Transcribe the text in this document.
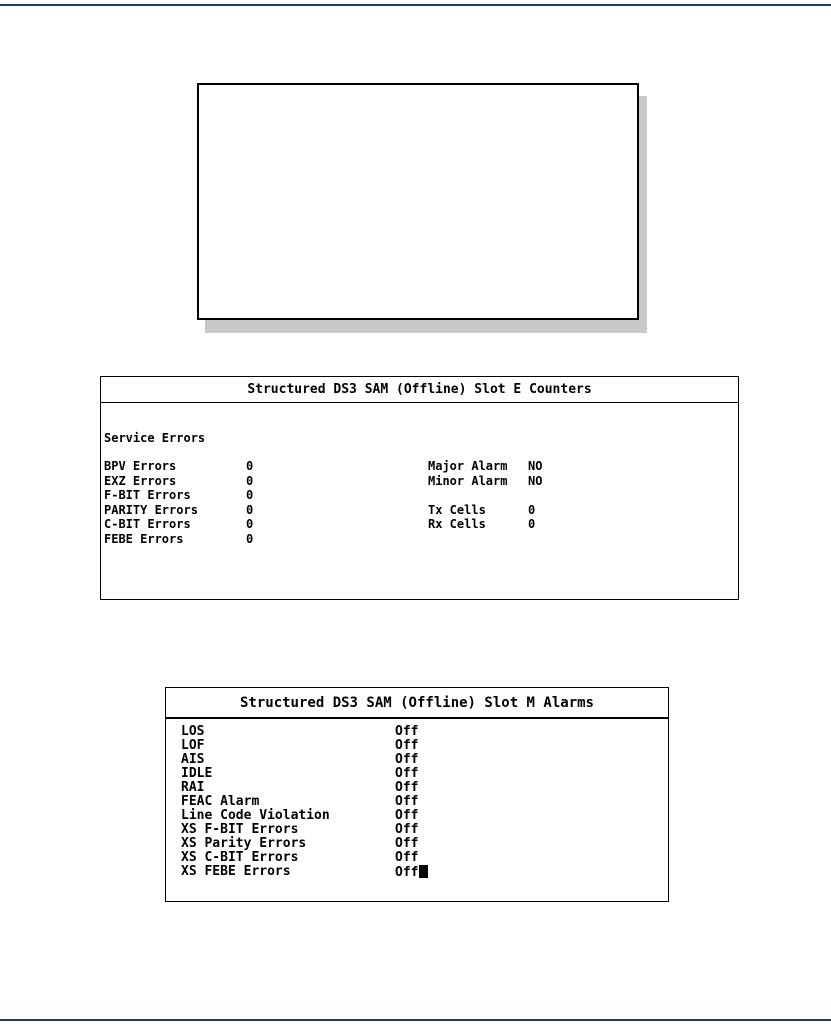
Structured DS3 SAM (Offline) Slot E Counters
Service Errors
BPV Errors	0
EXZ Errors	0
F-BIT Errors	0
PARITY Errors	0
C-BIT Errors	0
FEBE Errors	0
Major Alarm NO
Minor Alarm NO
Tx Cells	0
Rx Cells	0
Structured DS3 SAM (Offline) Slot M Alarms
LOS	Off
LOF	Off
AIS	Off
IDLE	Off
RAI	Off
FEAC Alarm	Off
Line Code Violation	Off
XS F-BIT Errors	Off
XS Parity Errors	Off
XS C-BIT Errors	Off
XS FEBE Errors	Off
